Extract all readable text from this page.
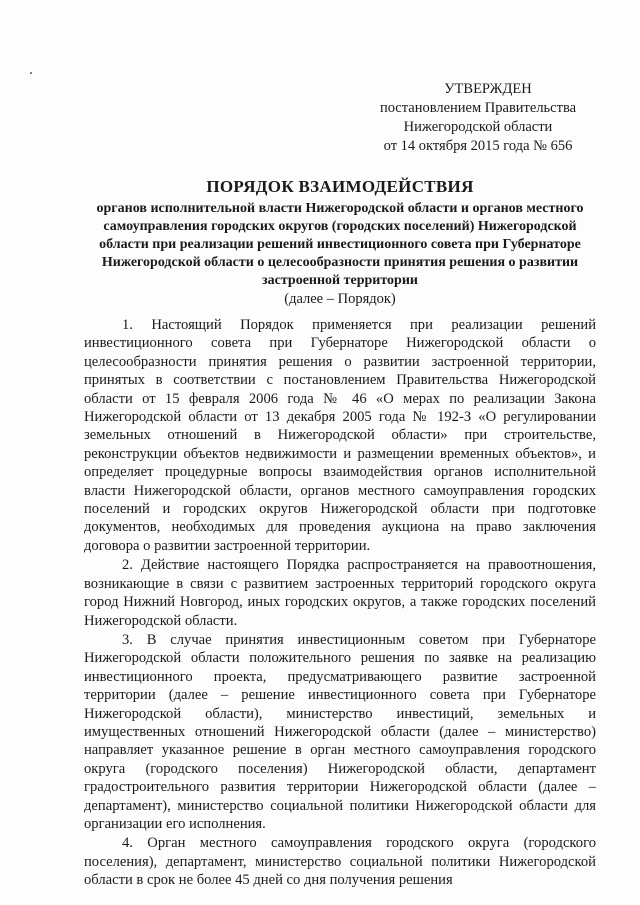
УТВЕРЖДЕН
постановлением Правительства
Нижегородской области
от 14 октября 2015 года № 656
ПОРЯДОК ВЗАИМОДЕЙСТВИЯ
органов исполнительной власти Нижегородской области и органов местного самоуправления городских округов (городских поселений) Нижегородской области при реализации решений инвестиционного совета при Губернаторе Нижегородской области о целесообразности принятия решения о развитии застроенной территории
(далее – Порядок)

1. Настоящий Порядок применяется при реализации решений инвестиционного совета при Губернаторе Нижегородской области о целесообразности принятия решения о развитии застроенной территории, принятых в соответствии с постановлением Правительства Нижегородской области от 15 февраля 2006 года № 46 «О мерах по реализации Закона Нижегородской области от 13 декабря 2005 года № 192-З «О регулировании земельных отношений в Нижегородской области» при строительстве, реконструкции объектов недвижимости и размещении временных объектов», и определяет процедурные вопросы взаимодействия органов исполнительной власти Нижегородской области, органов местного самоуправления городских поселений и городских округов Нижегородской области при подготовке документов, необходимых для проведения аукциона на право заключения договора о развитии застроенной территории.

2. Действие настоящего Порядка распространяется на правоотношения, возникающие в связи с развитием застроенных территорий городского округа город Нижний Новгород, иных городских округов, а также городских поселений Нижегородской области.

3. В случае принятия инвестиционным советом при Губернаторе Нижегородской области положительного решения по заявке на реализацию инвестиционного проекта, предусматривающего развитие застроенной территории (далее – решение инвестиционного совета при Губернаторе Нижегородской области), министерство инвестиций, земельных и имущественных отношений Нижегородской области (далее – министерство) направляет указанное решение в орган местного самоуправления городского округа (городского поселения) Нижегородской области, департамент градостроительного развития территории Нижегородской области (далее – департамент), министерство социальной политики Нижегородской области для организации его исполнения.

4. Орган местного самоуправления городского округа (городского поселения), департамент, министерство социальной политики Нижегородской области в срок не более 45 дней со дня получения решения
